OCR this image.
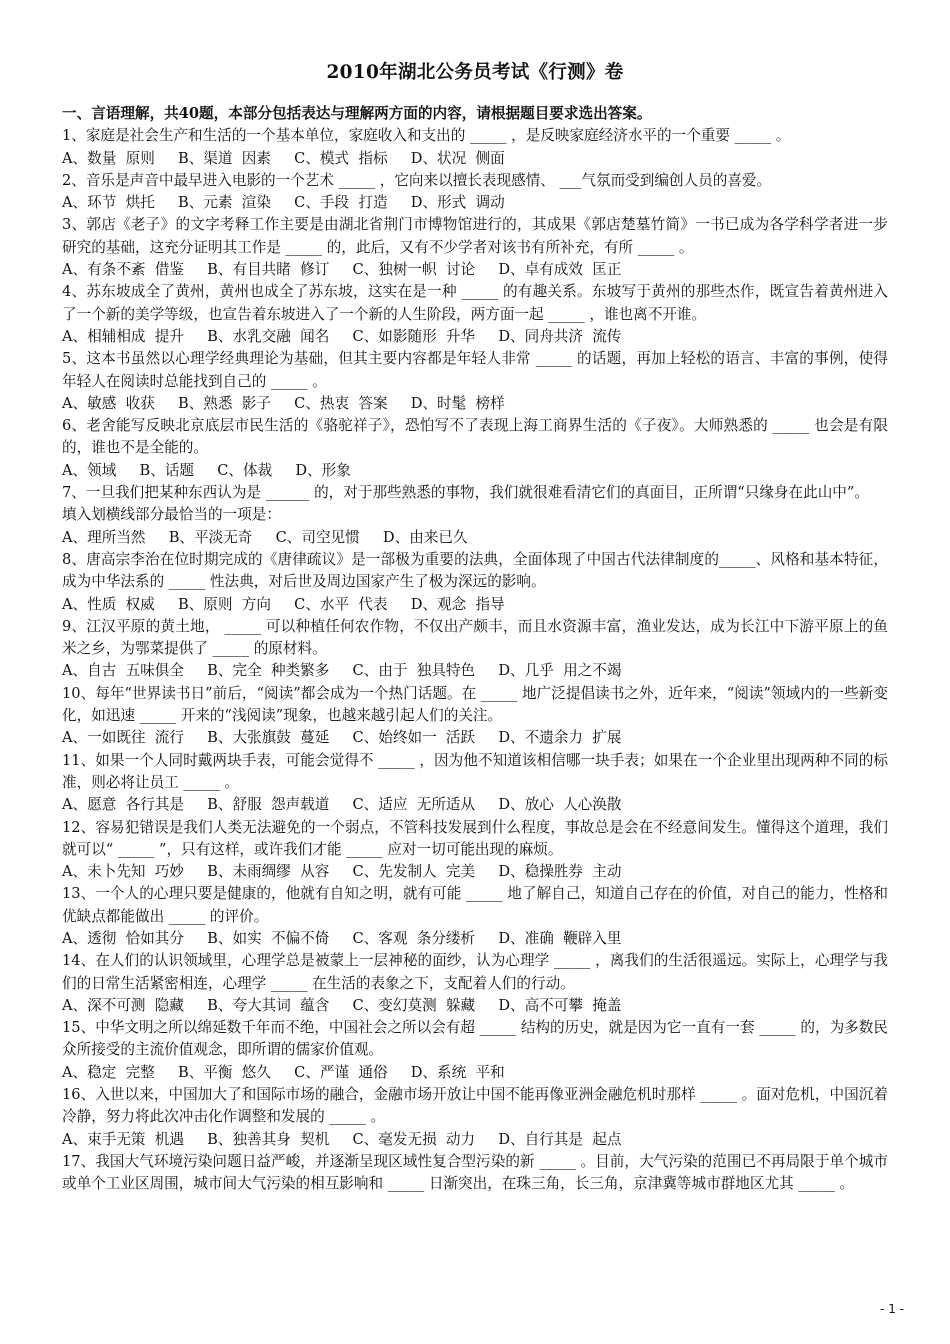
2010年湖北公务员考试《行测》卷

一、言语理解，共40题，本部分包括表达与理解两方面的内容，请根据题目要求选出答案。

1、家庭是社会生产和生活的一个基本单位，家庭收入和支出的 _____ ，是反映家庭经济水平的一个重要 _____ 。

A、数量  原则     B、渠道  因素     C、模式  指标     D、状况  侧面

2、音乐是声音中最早进入电影的一个艺术 _____ ，它向来以擅长表现感情、 ___气氛而受到编创人员的喜爱。

A、环节  烘托     B、元素  渲染     C、手段  打造     D、形式  调动

3、郭店《老子》的文字考释工作主要是由湖北省荆门市博物馆进行的，其成果《郭店楚墓竹简》一书已成为各学科学者进一步研究的基础，这充分证明其工作是 _____ 的，此后，又有不少学者对该书有所补充，有所 _____ 。

A、有条不紊  借鉴     B、有目共睹  修订     C、独树一帜  讨论     D、卓有成效  匡正

4、苏东坡成全了黄州，黄州也成全了苏东坡，这实在是一种 _____ 的有趣关系。东坡写于黄州的那些杰作，既宣告着黄州进入了一个新的美学等级，也宣告着东坡进入了一个新的人生阶段，两方面一起 _____ ，谁也离不开谁。

A、相辅相成  提升     B、水乳交融  闻名     C、如影随形  升华     D、同舟共济  流传

5、这本书虽然以心理学经典理论为基础，但其主要内容都是年轻人非常 _____ 的话题，再加上轻松的语言、丰富的事例，使得年轻人在阅读时总能找到自己的 _____ 。

A、敏感  收获     B、熟悉  影子     C、热衷  答案     D、时髦  榜样

6、老舍能写反映北京底层市民生活的《骆驼祥子》，恐怕写不了表现上海工商界生活的《子夜》。大师熟悉的 _____ 也会是有限的，谁也不是全能的。

A、领域     B、话题     C、体裁     D、形象

7、一旦我们把某种东西认为是 ______ 的，对于那些熟悉的事物，我们就很难看清它们的真面目，正所谓“只缘身在此山中”。

填入划横线部分最恰当的一项是：

A、理所当然     B、平淡无奇     C、司空见惯     D、由来已久

8、唐高宗李治在位时期完成的《唐律疏议》是一部极为重要的法典，全面体现了中国古代法律制度的_____、风格和基本特征，成为中华法系的 _____ 性法典，对后世及周边国家产生了极为深远的影响。

A、性质  权威     B、原则  方向     C、水平  代表     D、观念  指导

9、江汉平原的黄土地， _____ 可以种植任何农作物，不仅出产颇丰，而且水资源丰富，渔业发达，成为长江中下游平原上的鱼米之乡，为鄂菜提供了 _____ 的原材料。

A、自古  五味俱全     B、完全  种类繁多     C、由于  独具特色     D、几乎  用之不竭

10、每年“世界读书日”前后，“阅读”都会成为一个热门话题。在 _____ 地广泛提倡读书之外，近年来，“阅读”领域内的一些新变化，如迅速 _____ 开来的“浅阅读”现象，也越来越引起人们的关注。

A、一如既往  流行     B、大张旗鼓  蔓延     C、始终如一  活跃     D、不遗余力  扩展

11、如果一个人同时戴两块手表，可能会觉得不 _____ ，因为他不知道该相信哪一块手表；如果在一个企业里出现两种不同的标准，则必将让员工 _____ 。

A、愿意  各行其是     B、舒服  怨声载道     C、适应  无所适从     D、放心  人心涣散

12、容易犯错误是我们人类无法避免的一个弱点，不管科技发展到什么程度，事故总是会在不经意间发生。懂得这个道理，我们就可以“ _____ ”，只有这样，或许我们才能 _____ 应对一切可能出现的麻烦。

A、未卜先知  巧妙     B、未雨绸缪  从容     C、先发制人  完美     D、稳操胜券  主动

13、一个人的心理只要是健康的，他就有自知之明，就有可能 _____ 地了解自己，知道自己存在的价值，对自己的能力，性格和优缺点都能做出 _____ 的评价。

A、透彻  恰如其分     B、如实  不偏不倚     C、客观  条分缕析     D、准确  鞭辟入里

14、在人们的认识领域里，心理学总是被蒙上一层神秘的面纱，认为心理学 _____ ，离我们的生活很遥远。实际上，心理学与我们的日常生活紧密相连，心理学 _____ 在生活的表象之下，支配着人们的行动。

A、深不可测  隐藏     B、夸大其词  蕴含     C、变幻莫测  躲藏     D、高不可攀  掩盖

15、中华文明之所以绵延数千年而不绝，中国社会之所以会有超 _____ 结构的历史，就是因为它一直有一套 _____ 的，为多数民众所接受的主流价值观念，即所谓的儒家价值观。

A、稳定  完整     B、平衡  悠久     C、严谨  通俗     D、系统  平和

16、入世以来，中国加大了和国际市场的融合，金融市场开放让中国不能再像亚洲金融危机时那样 _____ 。面对危机，中国沉着冷静，努力将此次冲击化作调整和发展的 _____ 。

A、束手无策  机遇     B、独善其身  契机     C、毫发无损  动力     D、自行其是  起点

17、我国大气环境污染问题日益严峻，并逐渐呈现区域性复合型污染的新 _____ 。目前，大气污染的范围已不再局限于单个城市或单个工业区周围，城市间大气污染的相互影响和 _____ 日渐突出，在珠三角，长三角，京津冀等城市群地区尤其 _____ 。

- 1 -
